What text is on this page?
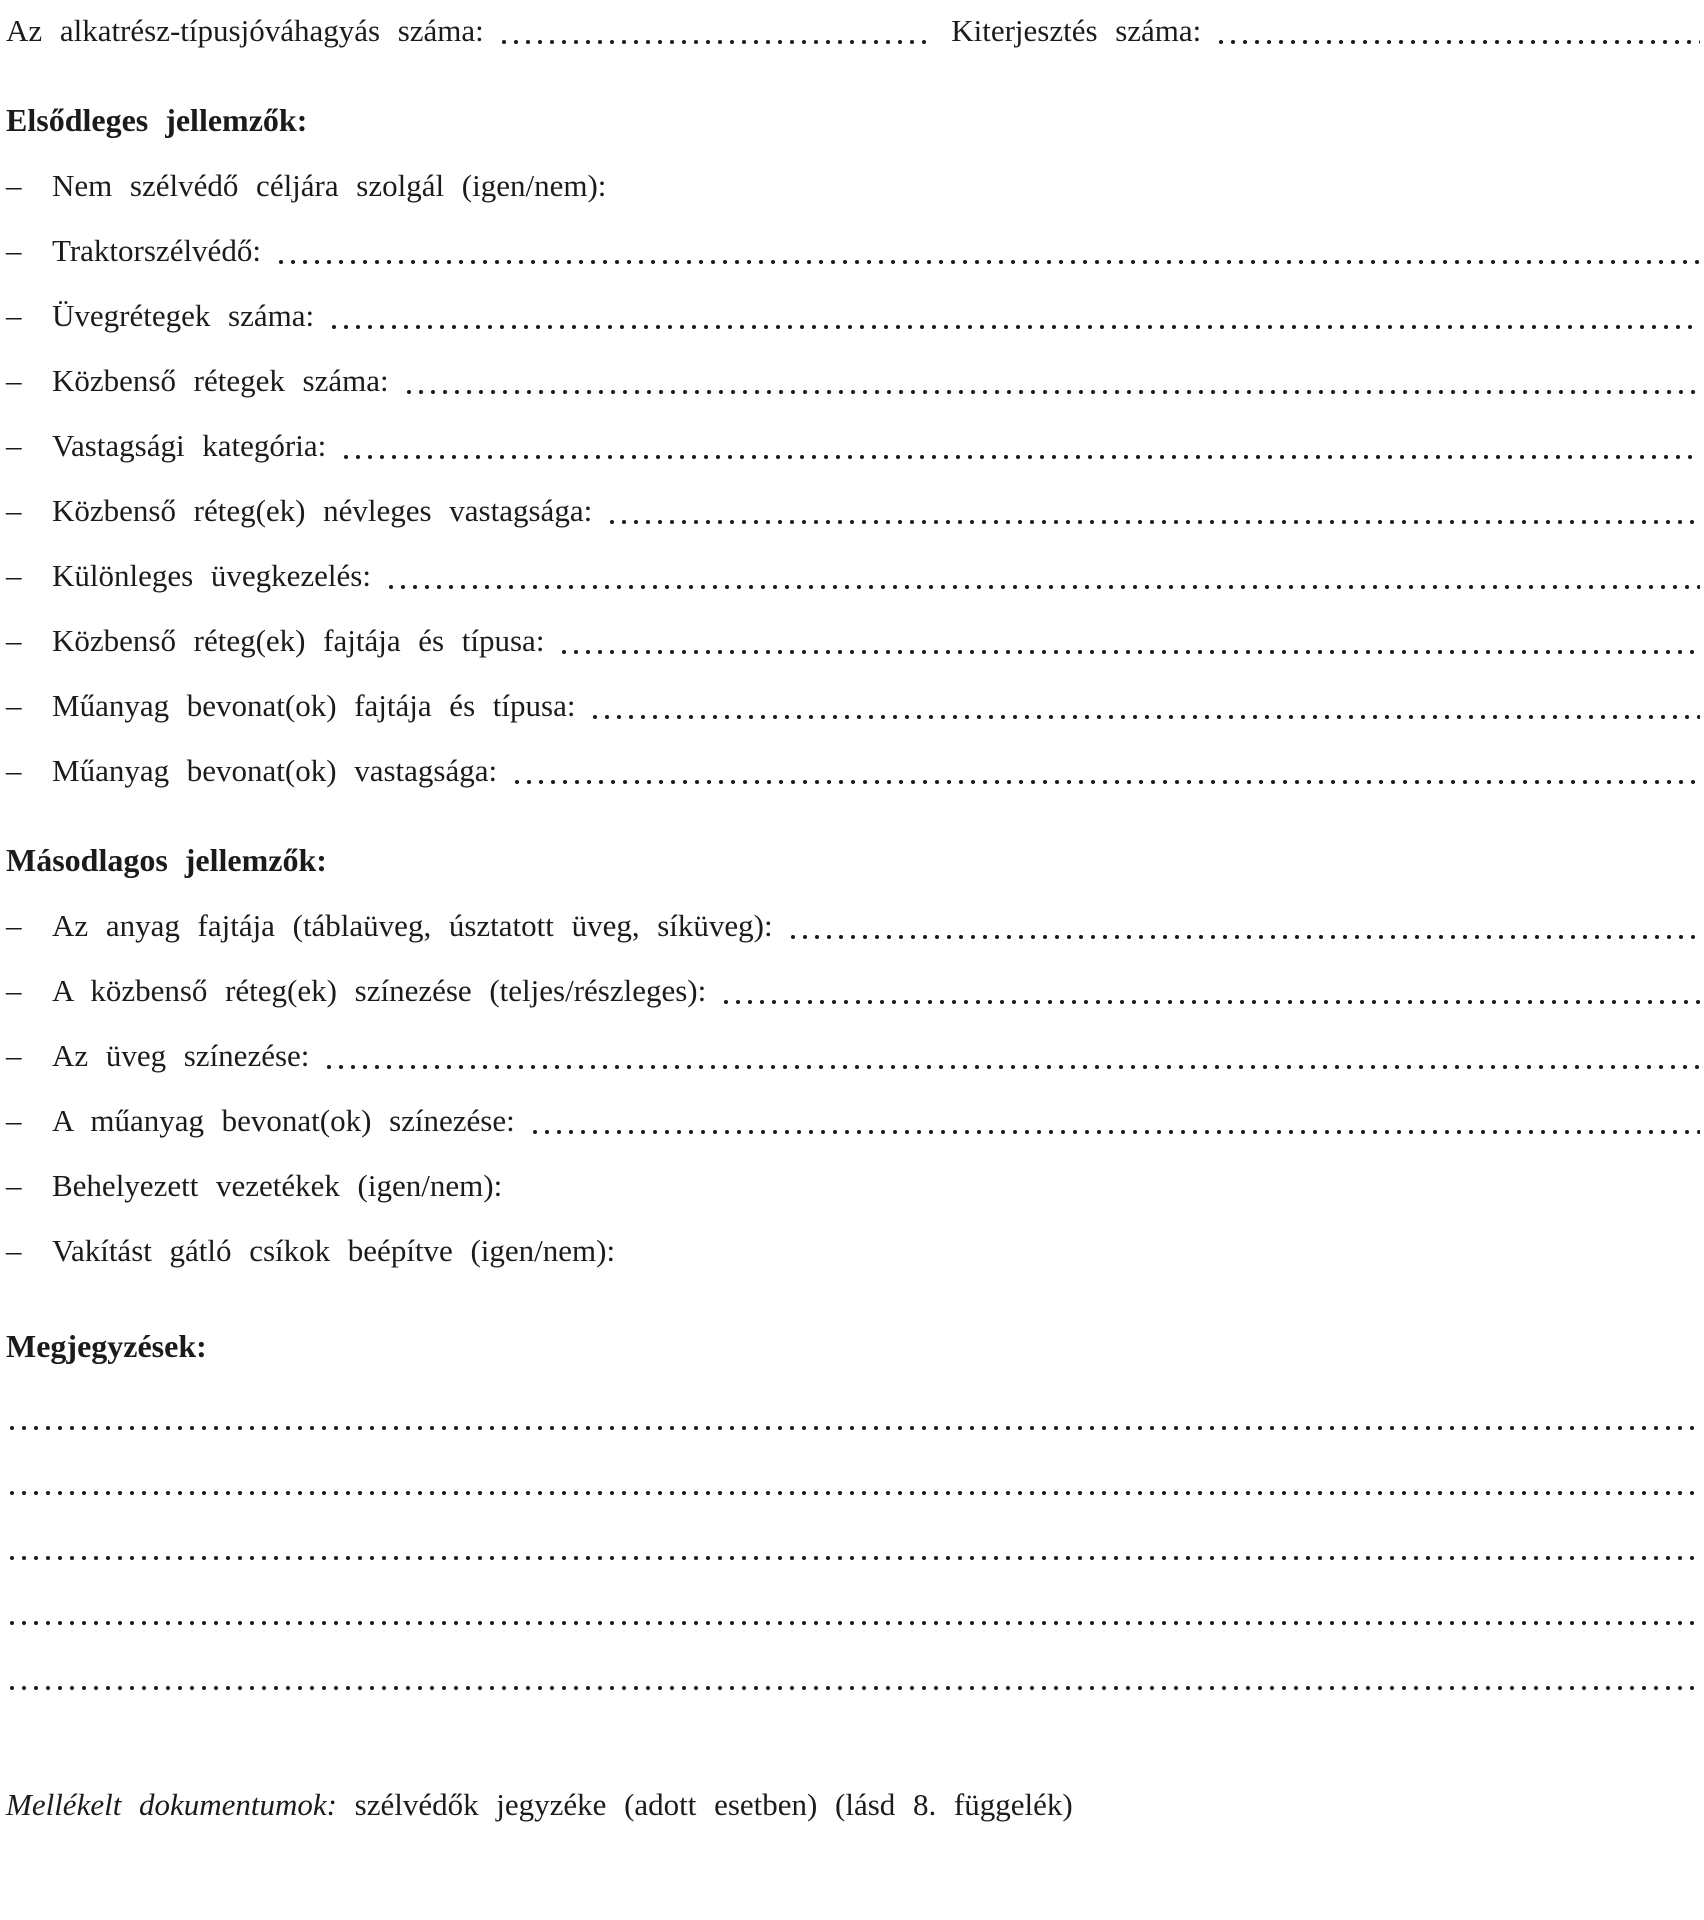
Az alkatrész-típusjóváhagyás száma:	Kiterjesztés száma:
Elsődleges jellemzők:
– Nem szélvédő céljára szolgál (igen/nem):
– Traktorszélvédő:
– Üvegrétegek száma:
– Közbenső rétegek száma:
– Vastagsági kategória:
– Közbenső réteg(ek) névleges vastagsága:
– Különleges üvegkezelés:
– Közbenső réteg(ek) fajtája és típusa:
– Műanyag bevonat(ok) fajtája és típusa:
– Műanyag bevonat(ok) vastagsága:
Másodlagos jellemzők:
– Az anyag fajtája (táblaüveg, úsztatott üveg, síküveg):
– A közbenső réteg(ek) színezése (teljes/részleges):
– Az üveg színezése:
– A műanyag bevonat(ok) színezése:
– Behelyezett vezetékek (igen/nem):
– Vakítást gátló csíkok beépítve (igen/nem):
Megjegyzések:
Mellékelt dokumentumok: szélvédők jegyzéke (adott esetben) (lásd 8. függelék)
